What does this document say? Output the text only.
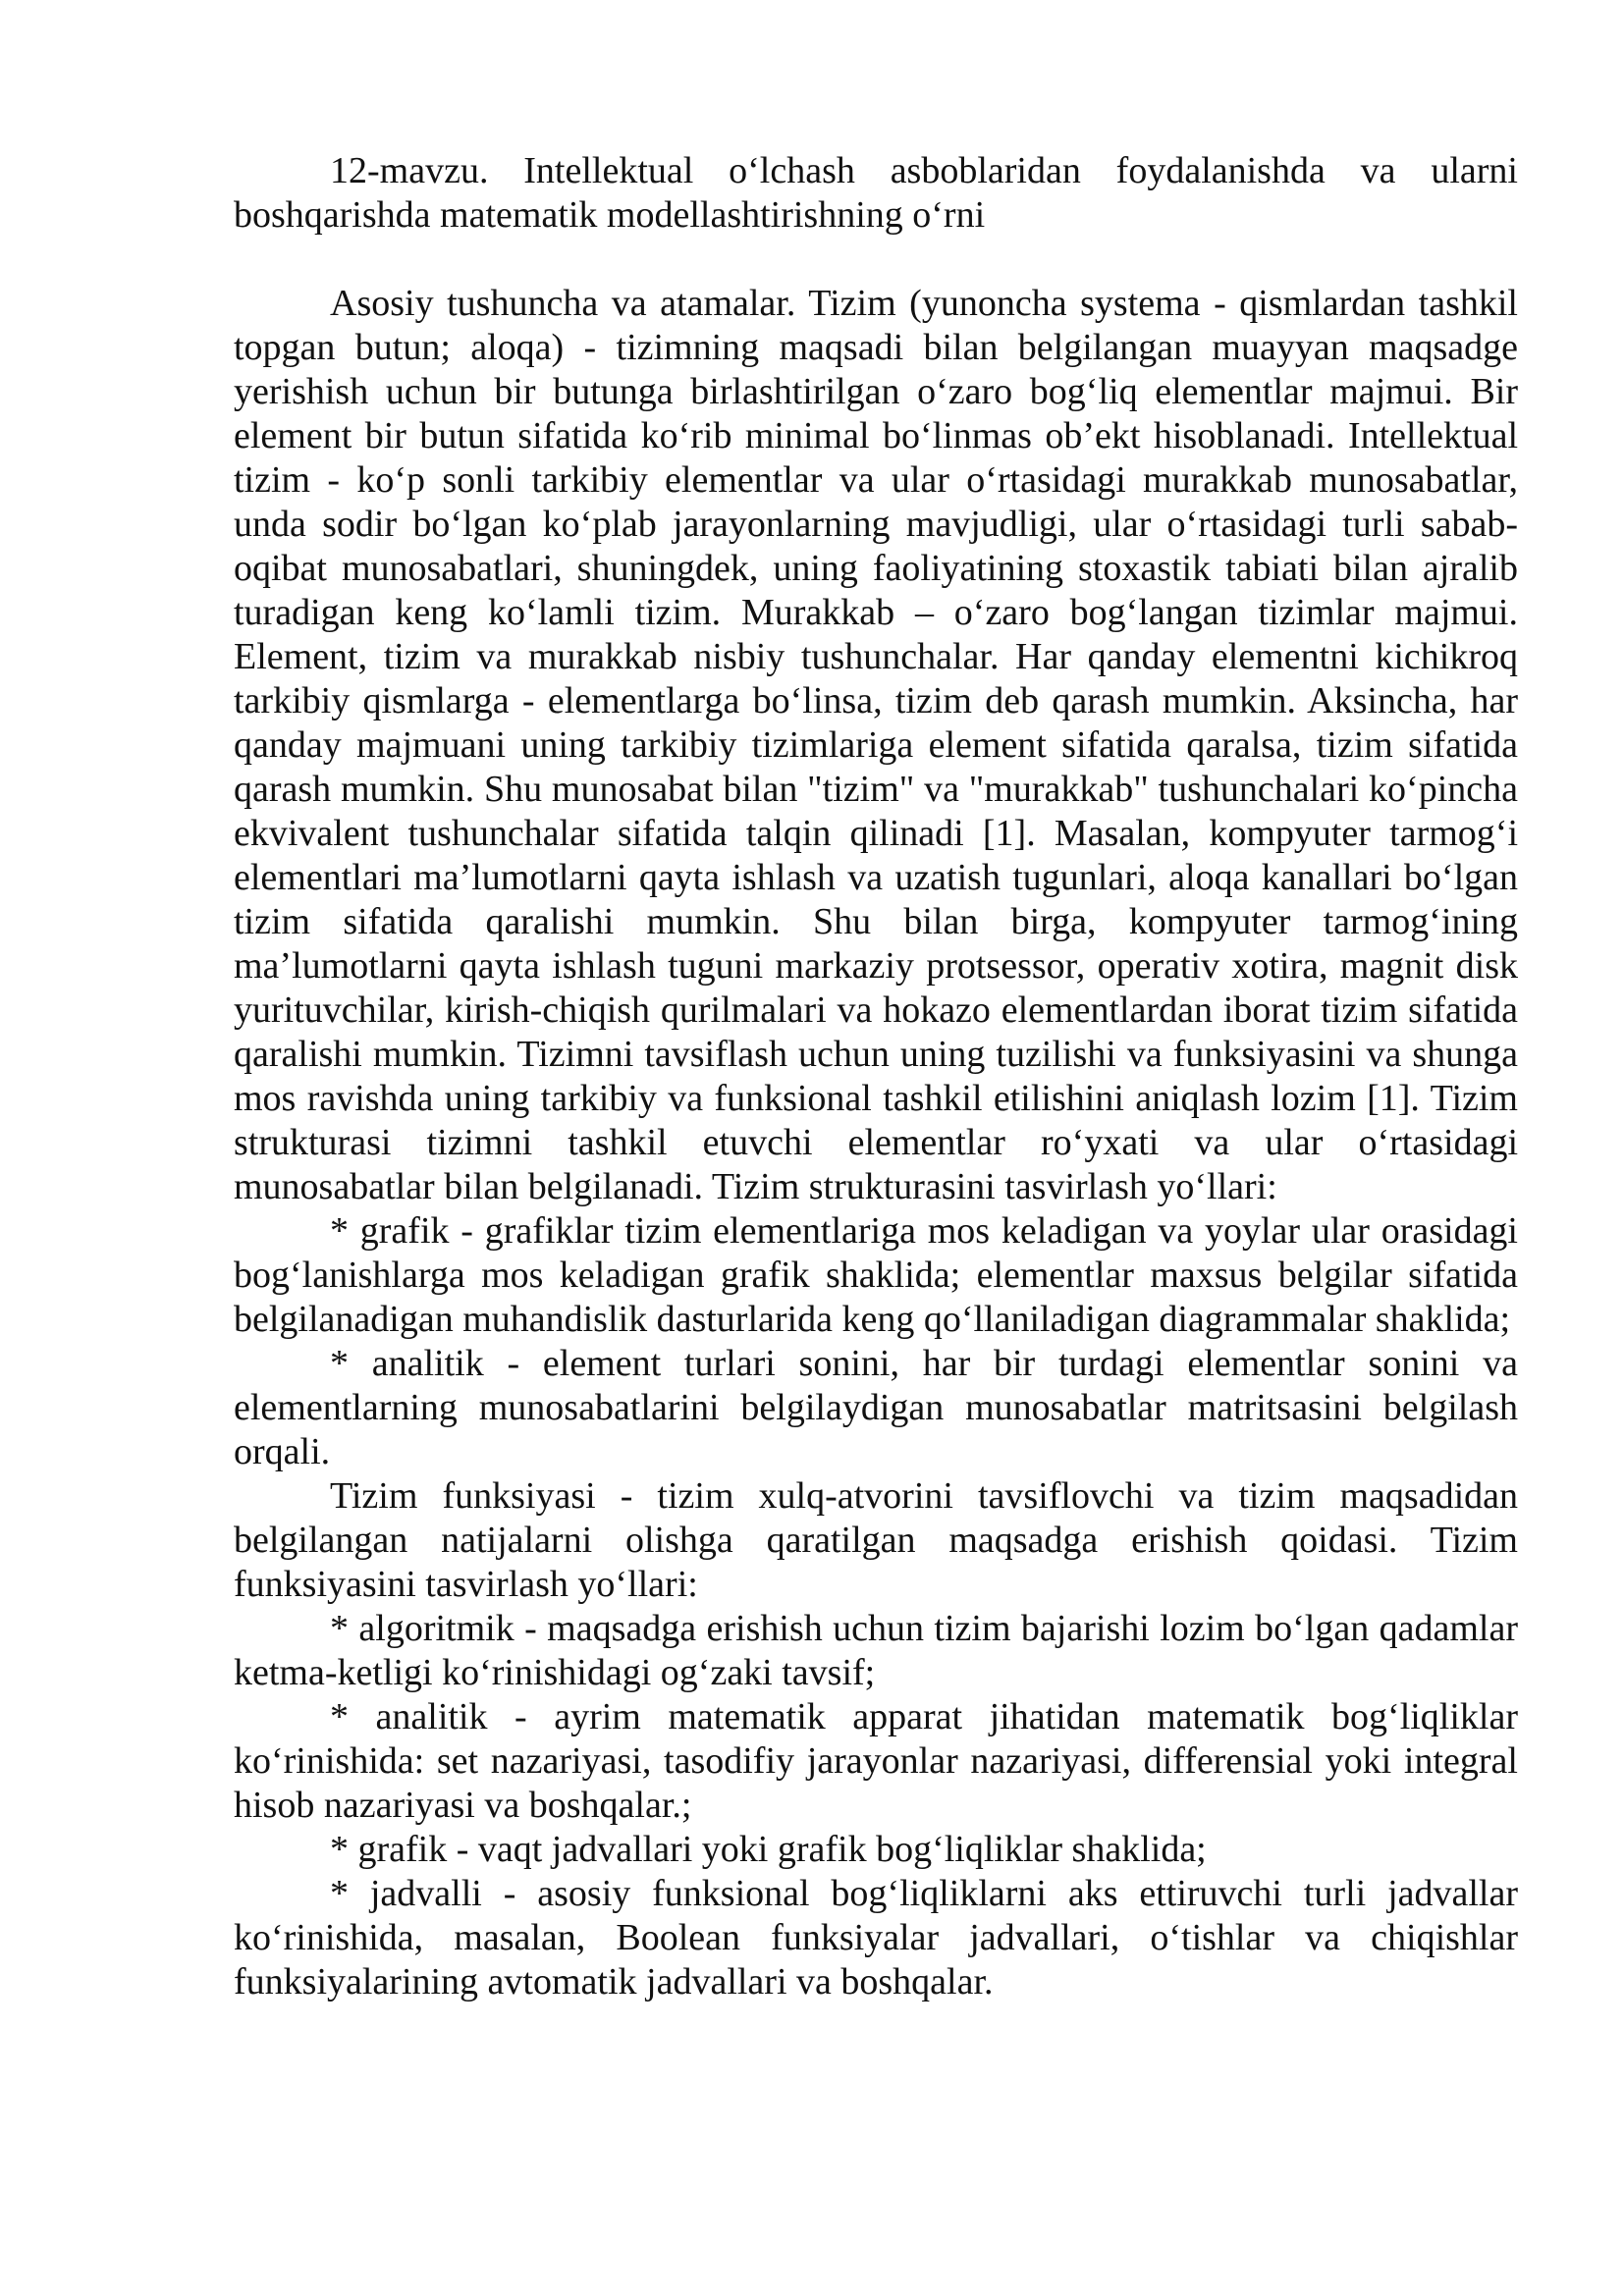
12-mavzu. Intellektual o‘lchash asboblaridan foydalanishda va ularni boshqarishda matematik modellashtirishning o‘rni

Asosiy tushuncha va atamalar. Tizim (yunoncha systema - qismlardan tashkil topgan butun; aloqa) - tizimning maqsadi bilan belgilangan muayyan maqsadge yerishish uchun bir butunga birlashtirilgan o‘zaro bog‘liq elementlar majmui. Bir element bir butun sifatida ko‘rib minimal bo‘linmas ob’ekt hisoblanadi. Intellektual tizim - ko‘p sonli tarkibiy elementlar va ular o‘rtasidagi murakkab munosabatlar, unda sodir bo‘lgan ko‘plab jarayonlarning mavjudligi, ular o‘rtasidagi turli sabab-oqibat munosabatlari, shuningdek, uning faoliyatining stoxastik tabiati bilan ajralib turadigan keng ko‘lamli tizim. Murakkab – o‘zaro bog‘langan tizimlar majmui. Element, tizim va murakkab nisbiy tushunchalar. Har qanday elementni kichikroq tarkibiy qismlarga - elementlarga bo‘linsa, tizim deb qarash mumkin. Aksincha, har qanday majmuani uning tarkibiy tizimlariga element sifatida qaralsa, tizim sifatida qarash mumkin. Shu munosabat bilan "tizim" va "murakkab" tushunchalari ko‘pincha ekvivalent tushunchalar sifatida talqin qilinadi [1]. Masalan, kompyuter tarmog‘i elementlari ma’lumotlarni qayta ishlash va uzatish tugunlari, aloqa kanallari bo‘lgan tizim sifatida qaralishi mumkin. Shu bilan birga, kompyuter tarmog‘ining ma’lumotlarni qayta ishlash tuguni markaziy protsessor, operativ xotira, magnit disk yurituvchilar, kirish-chiqish qurilmalari va hokazo elementlardan iborat tizim sifatida qaralishi mumkin. Tizimni tavsiflash uchun uning tuzilishi va funksiyasini va shunga mos ravishda uning tarkibiy va funksional tashkil etilishini aniqlash lozim [1]. Tizim strukturasi tizimni tashkil etuvchi elementlar ro‘yxati va ular o‘rtasidagi munosabatlar bilan belgilanadi. Tizim strukturasini tasvirlash yo‘llari:

* grafik - grafiklar tizim elementlariga mos keladigan va yoylar ular orasidagi bog‘lanishlarga mos keladigan grafik shaklida; elementlar maxsus belgilar sifatida belgilanadigan muhandislik dasturlarida keng qo‘llaniladigan diagrammalar shaklida;

* analitik - element turlari sonini, har bir turdagi elementlar sonini va elementlarning munosabatlarini belgilaydigan munosabatlar matritsasini belgilash orqali.

Tizim funksiyasi - tizim xulq-atvorini tavsiflovchi va tizim maqsadidan belgilangan natijalarni olishga qaratilgan maqsadga erishish qoidasi. Tizim funksiyasini tasvirlash yo‘llari:

* algoritmik - maqsadga erishish uchun tizim bajarishi lozim bo‘lgan qadamlar ketma-ketligi ko‘rinishidagi og‘zaki tavsif;

* analitik - ayrim matematik apparat jihatidan matematik bog‘liqliklar ko‘rinishida: set nazariyasi, tasodifiy jarayonlar nazariyasi, differensial yoki integral hisob nazariyasi va boshqalar.;

* grafik - vaqt jadvallari yoki grafik bog‘liqliklar shaklida;

* jadvalli - asosiy funksional bog‘liqliklarni aks ettiruvchi turli jadvallar ko‘rinishida, masalan, Boolean funksiyalar jadvallari, o‘tishlar va chiqishlar funksiyalarining avtomatik jadvallari va boshqalar.
